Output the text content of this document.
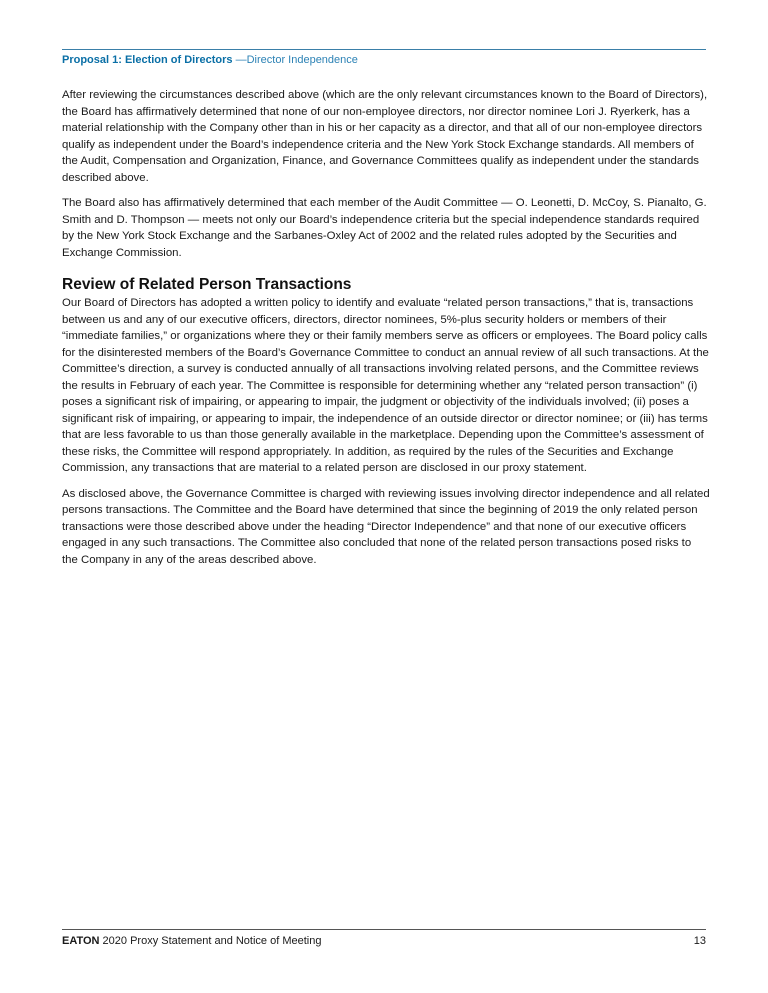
Proposal 1: Election of Directors —Director Independence

After reviewing the circumstances described above (which are the only relevant circumstances known to the Board of Directors), the Board has affirmatively determined that none of our non-employee directors, nor director nominee Lori J. Ryerkerk, has a material relationship with the Company other than in his or her capacity as a director, and that all of our non-employee directors qualify as independent under the Board’s independence criteria and the New York Stock Exchange standards. All members of the Audit, Compensation and Organization, Finance, and Governance Committees qualify as independent under the standards described above.

The Board also has affirmatively determined that each member of the Audit Committee — O. Leonetti, D. McCoy, S. Pianalto, G. Smith and D. Thompson — meets not only our Board’s independence criteria but the special independence standards required by the New York Stock Exchange and the Sarbanes-Oxley Act of 2002 and the related rules adopted by the Securities and Exchange Commission.

Review of Related Person Transactions

Our Board of Directors has adopted a written policy to identify and evaluate “related person transactions,” that is, transactions between us and any of our executive officers, directors, director nominees, 5%-plus security holders or members of their “immediate families,” or organizations where they or their family members serve as officers or employees. The Board policy calls for the disinterested members of the Board’s Governance Committee to conduct an annual review of all such transactions. At the Committee’s direction, a survey is conducted annually of all transactions involving related persons, and the Committee reviews the results in February of each year. The Committee is responsible for determining whether any “related person transaction” (i) poses a significant risk of impairing, or appearing to impair, the judgment or objectivity of the individuals involved; (ii) poses a significant risk of impairing, or appearing to impair, the independence of an outside director or director nominee; or (iii) has terms that are less favorable to us than those generally available in the marketplace. Depending upon the Committee’s assessment of these risks, the Committee will respond appropriately. In addition, as required by the rules of the Securities and Exchange Commission, any transactions that are material to a related person are disclosed in our proxy statement.

As disclosed above, the Governance Committee is charged with reviewing issues involving director independence and all related persons transactions. The Committee and the Board have determined that since the beginning of 2019 the only related person transactions were those described above under the heading “Director Independence” and that none of our executive officers engaged in any such transactions. The Committee also concluded that none of the related person transactions posed risks to the Company in any of the areas described above.

EATON 2020 Proxy Statement and Notice of Meeting	13
